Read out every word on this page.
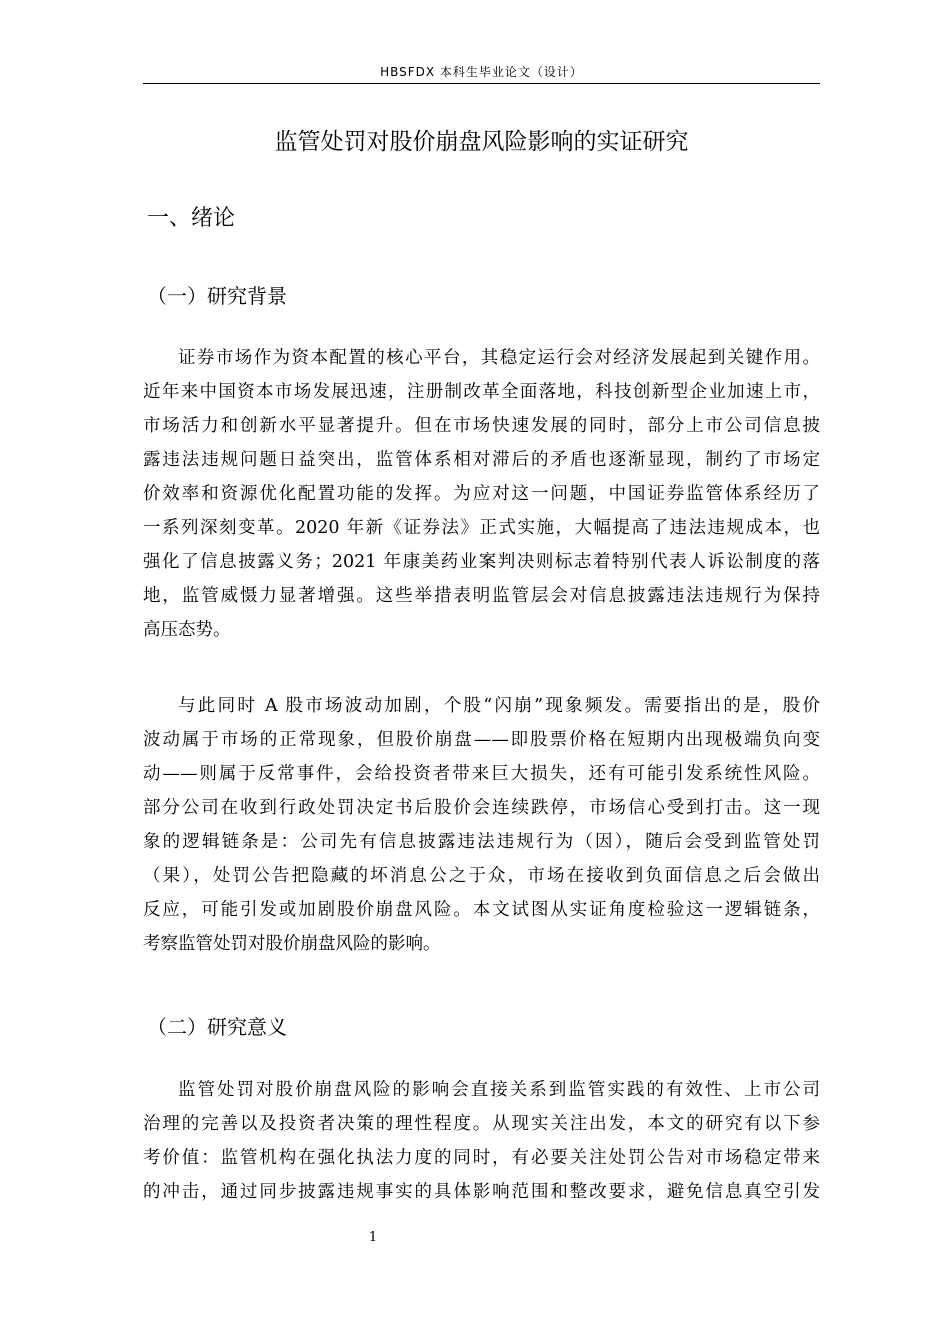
HBSFDX 本科生毕业论文（设计）
监管处罚对股价崩盘风险影响的实证研究
一、绪论
（一）研究背景
证券市场作为资本配置的核心平台，其稳定运行会对经济发展起到关键作用。
近年来中国资本市场发展迅速，注册制改革全面落地，科技创新型企业加速上市，
市场活力和创新水平显著提升。但在市场快速发展的同时，部分上市公司信息披
露违法违规问题日益突出，监管体系相对滞后的矛盾也逐渐显现，制约了市场定
价效率和资源优化配置功能的发挥。为应对这一问题，中国证券监管体系经历了
一系列深刻变革。2020 年新《证券法》正式实施，大幅提高了违法违规成本，也
强化了信息披露义务；2021 年康美药业案判决则标志着特别代表人诉讼制度的落
地，监管威慑力显著增强。这些举措表明监管层会对信息披露违法违规行为保持
高压态势。
与此同时 A 股市场波动加剧，个股“闪崩”现象频发。需要指出的是，股价
波动属于市场的正常现象，但股价崩盘——即股票价格在短期内出现极端负向变
动——则属于反常事件，会给投资者带来巨大损失，还有可能引发系统性风险。
部分公司在收到行政处罚决定书后股价会连续跌停，市场信心受到打击。这一现
象的逻辑链条是：公司先有信息披露违法违规行为（因），随后会受到监管处罚
（果），处罚公告把隐藏的坏消息公之于众，市场在接收到负面信息之后会做出
反应，可能引发或加剧股价崩盘风险。本文试图从实证角度检验这一逻辑链条，
考察监管处罚对股价崩盘风险的影响。
（二）研究意义
监管处罚对股价崩盘风险的影响会直接关系到监管实践的有效性、上市公司
治理的完善以及投资者决策的理性程度。从现实关注出发，本文的研究有以下参
考价值：监管机构在强化执法力度的同时，有必要关注处罚公告对市场稳定带来
的冲击，通过同步披露违规事实的具体影响范围和整改要求，避免信息真空引发
1
